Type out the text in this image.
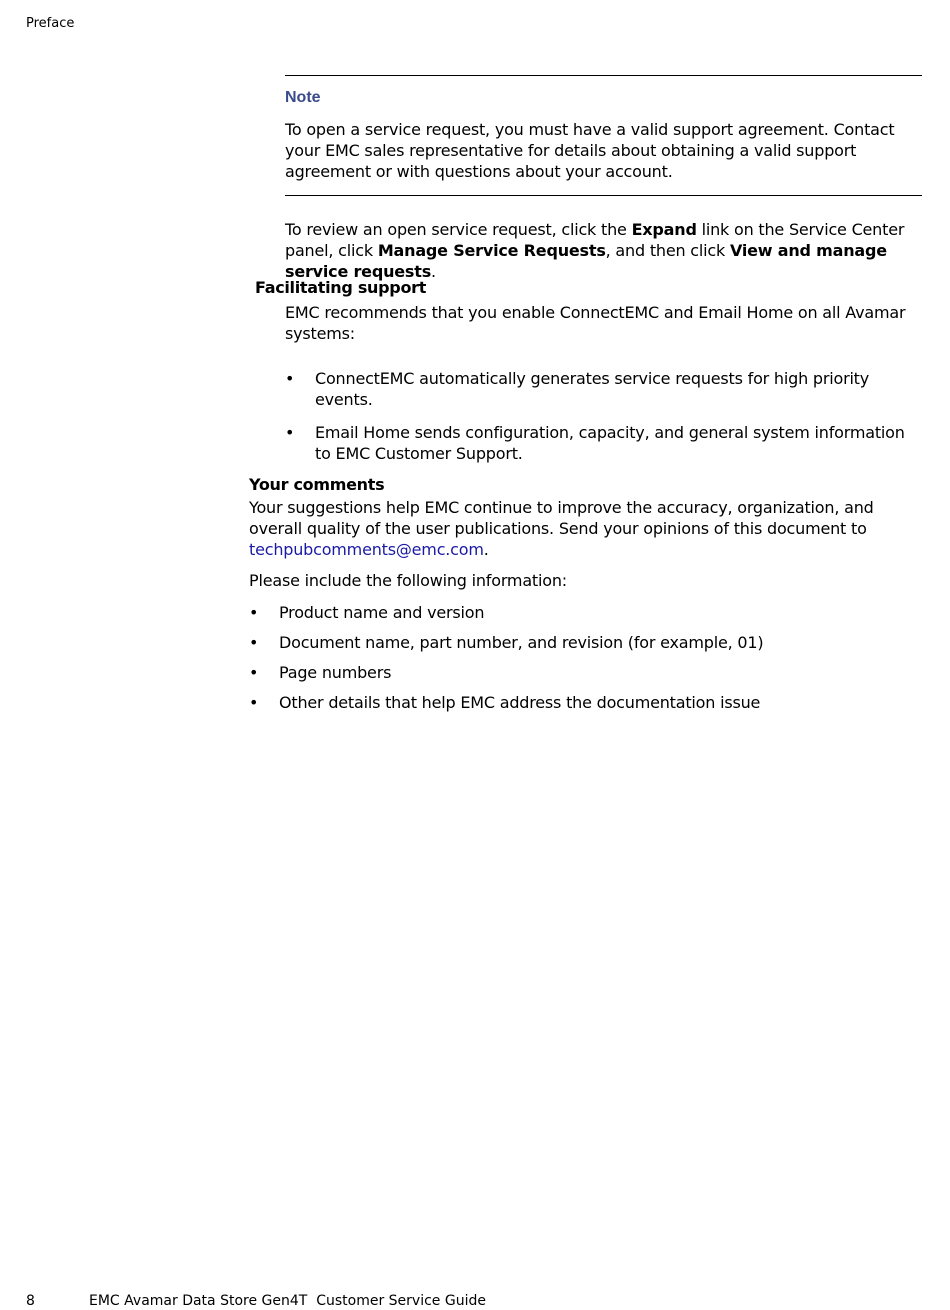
Preface
Note

To open a service request, you must have a valid support agreement. Contact your EMC sales representative for details about obtaining a valid support agreement or with questions about your account.

To review an open service request, click the Expand link on the Service Center panel, click Manage Service Requests, and then click View and manage service requests.

Facilitating support

EMC recommends that you enable ConnectEMC and Email Home on all Avamar systems:

• ConnectEMC automatically generates service requests for high priority events.
• Email Home sends configuration, capacity, and general system information to EMC Customer Support.
Your comments

Your suggestions help EMC continue to improve the accuracy, organization, and overall quality of the user publications. Send your opinions of this document to techpubcomments@emc.com.

Please include the following information:

• Product name and version
• Document name, part number, and revision (for example, 01)
• Page numbers
• Other details that help EMC address the documentation issue
8	EMC Avamar Data Store Gen4T  Customer Service Guide
